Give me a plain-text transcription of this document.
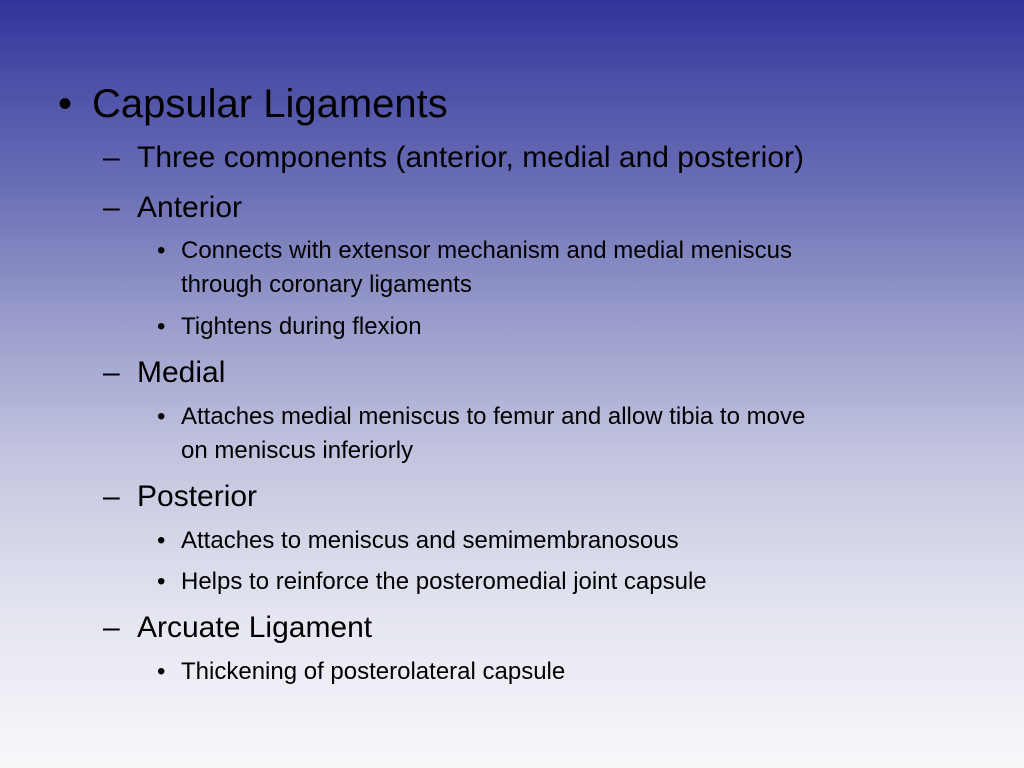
• Capsular Ligaments
– Three components (anterior, medial and posterior)
– Anterior
• Connects with extensor mechanism and medial meniscus
through coronary ligaments
• Tightens during flexion
– Medial
• Attaches medial meniscus to femur and allow tibia to move
on meniscus inferiorly
– Posterior
• Attaches to meniscus and semimembranosous
• Helps to reinforce the posteromedial joint capsule
– Arcuate Ligament
• Thickening of posterolateral capsule
